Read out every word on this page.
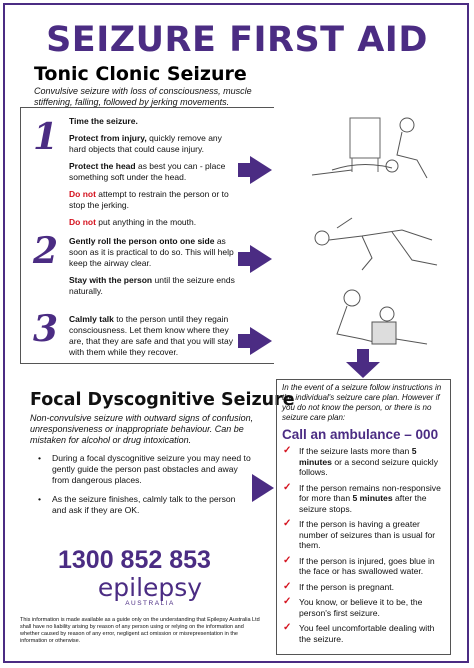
SEIZURE FIRST AID
Tonic Clonic Seizure
Convulsive seizure with loss of consciousness, muscle stiffening, falling, followed by jerking movements.
1 Time the seizure.

Protect from injury, quickly remove any hard objects that could cause injury.

Protect the head as best you can - place something soft under the head.

Do not attempt to restrain the person or to stop the jerking.

Do not put anything in the mouth.

2 Gently roll the person onto one side as soon as it is practical to do so. This will help keep the airway clear.

Stay with the person until the seizure ends naturally.

3 Calmly talk to the person until they regain consciousness. Let them know where they are, that they are safe and that you will stay with them while they recover.

Focal Dyscognitive Seizure
Non-convulsive seizure with outward signs of confusion, unresponsiveness or inappropriate behaviour. Can be mistaken for alcohol or drug intoxication.
• During a focal dyscognitive seizure you may need to gently guide the person past obstacles and away from dangerous places.
• As the seizure finishes, calmly talk to the person and ask if they are OK.
1300 852 853
epilepsy
AUSTRALIA
This information is made available as a guide only on the understanding that Epilepsy Australia Ltd shall have no liability arising by reason of any person using or relying on the information and whether caused by reason of any error, negligent act omission or misrepresentation in the information or otherwise.
In the event of a seizure follow instructions in the individual's seizure care plan. However if you do not know the person, or there is no seizure care plan:
Call an ambulance – 000
✓ If the seizure lasts more than 5 minutes or a second seizure quickly follows.
✓ If the person remains non-responsive for more than 5 minutes after the seizure stops.
✓ If the person is having a greater number of seizures than is usual for them.
✓ If the person is injured, goes blue in the face or has swallowed water.
✓ If the person is pregnant.
✓ You know, or believe it to be, the person's first seizure.
✓ You feel uncomfortable dealing with the seizure.
